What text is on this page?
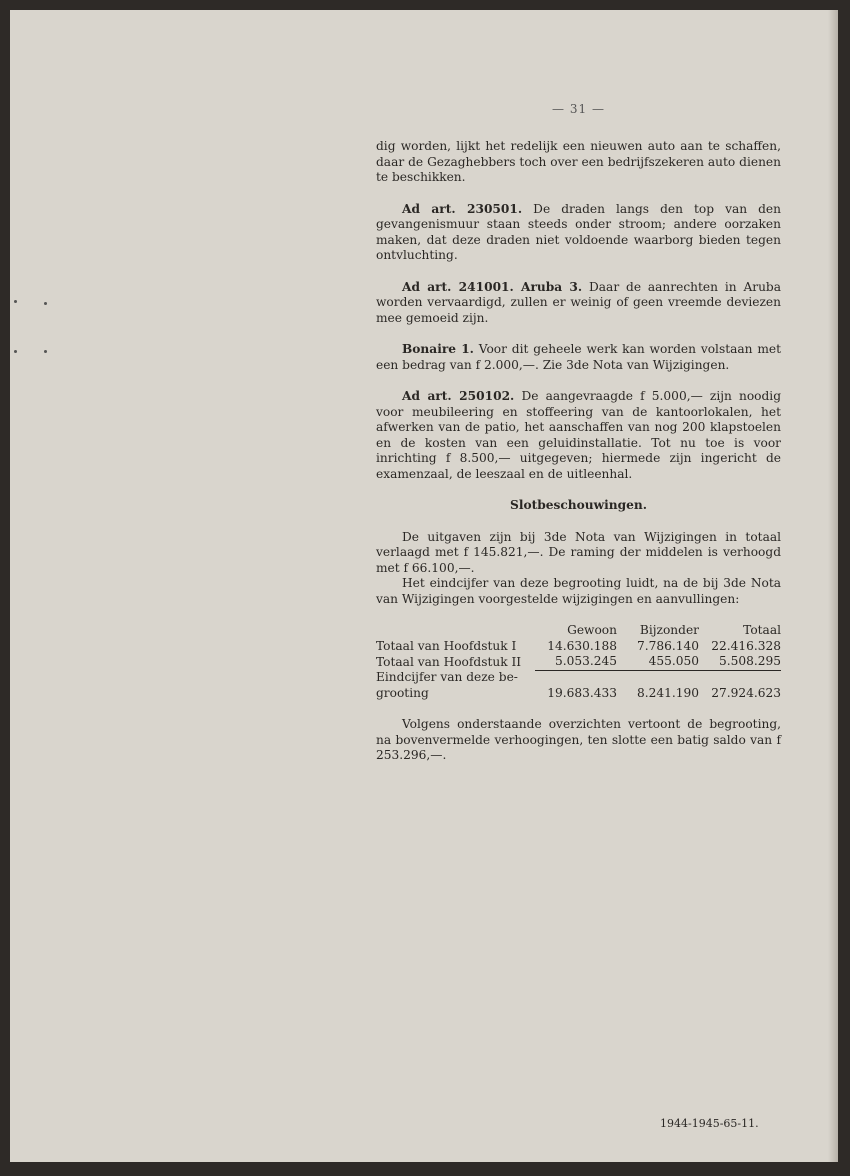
— 31 —

dig worden, lijkt het redelijk een nieuwen auto aan te schaffen, daar de Gezaghebbers toch over een bedrijfszekeren auto dienen te beschikken.

Ad art. 230501. De draden langs den top van den gevangenismuur staan steeds onder stroom; andere oorzaken maken, dat deze draden niet voldoende waarborg bieden tegen ontvluchting.

Ad art. 241001. Aruba 3. Daar de aanrechten in Aruba worden vervaardigd, zullen er weinig of geen vreemde deviezen mee gemoeid zijn.

Bonaire 1. Voor dit geheele werk kan worden volstaan met een bedrag van f 2.000,—. Zie 3de Nota van Wijzigingen.

Ad art. 250102. De aangevraagde f 5.000,— zijn noodig voor meubileering en stoffeering van de kantoorlokalen, het afwerken van de patio, het aanschaffen van nog 200 klapstoelen en de kosten van een geluidinstallatie. Tot nu toe is voor inrichting f 8.500,— uitgegeven; hiermede zijn ingericht de examenzaal, de leeszaal en de uitleenhal.

Slotbeschouwingen.

De uitgaven zijn bij 3de Nota van Wijzigingen in totaal verlaagd met f 145.821,—. De raming der middelen is verhoogd met f 66.100,—.

Het eindcijfer van deze begrooting luidt, na de bij 3de Nota van Wijzigingen voorgestelde wijzigingen en aanvullingen:

	Gewoon	Bijzonder	Totaal
Totaal van Hoofdstuk I	14.630.188	7.786.140	22.416.328
Totaal van Hoofdstuk II	5.053.245	455.050	5.508.295
Eindcijfer van deze be-			
grooting	19.683.433	8.241.190	27.924.623

Volgens onderstaande overzichten vertoont de begrooting, na bovenvermelde verhoogingen, ten slotte een batig saldo van f 253.296,—.

1944-1945-65-11.
